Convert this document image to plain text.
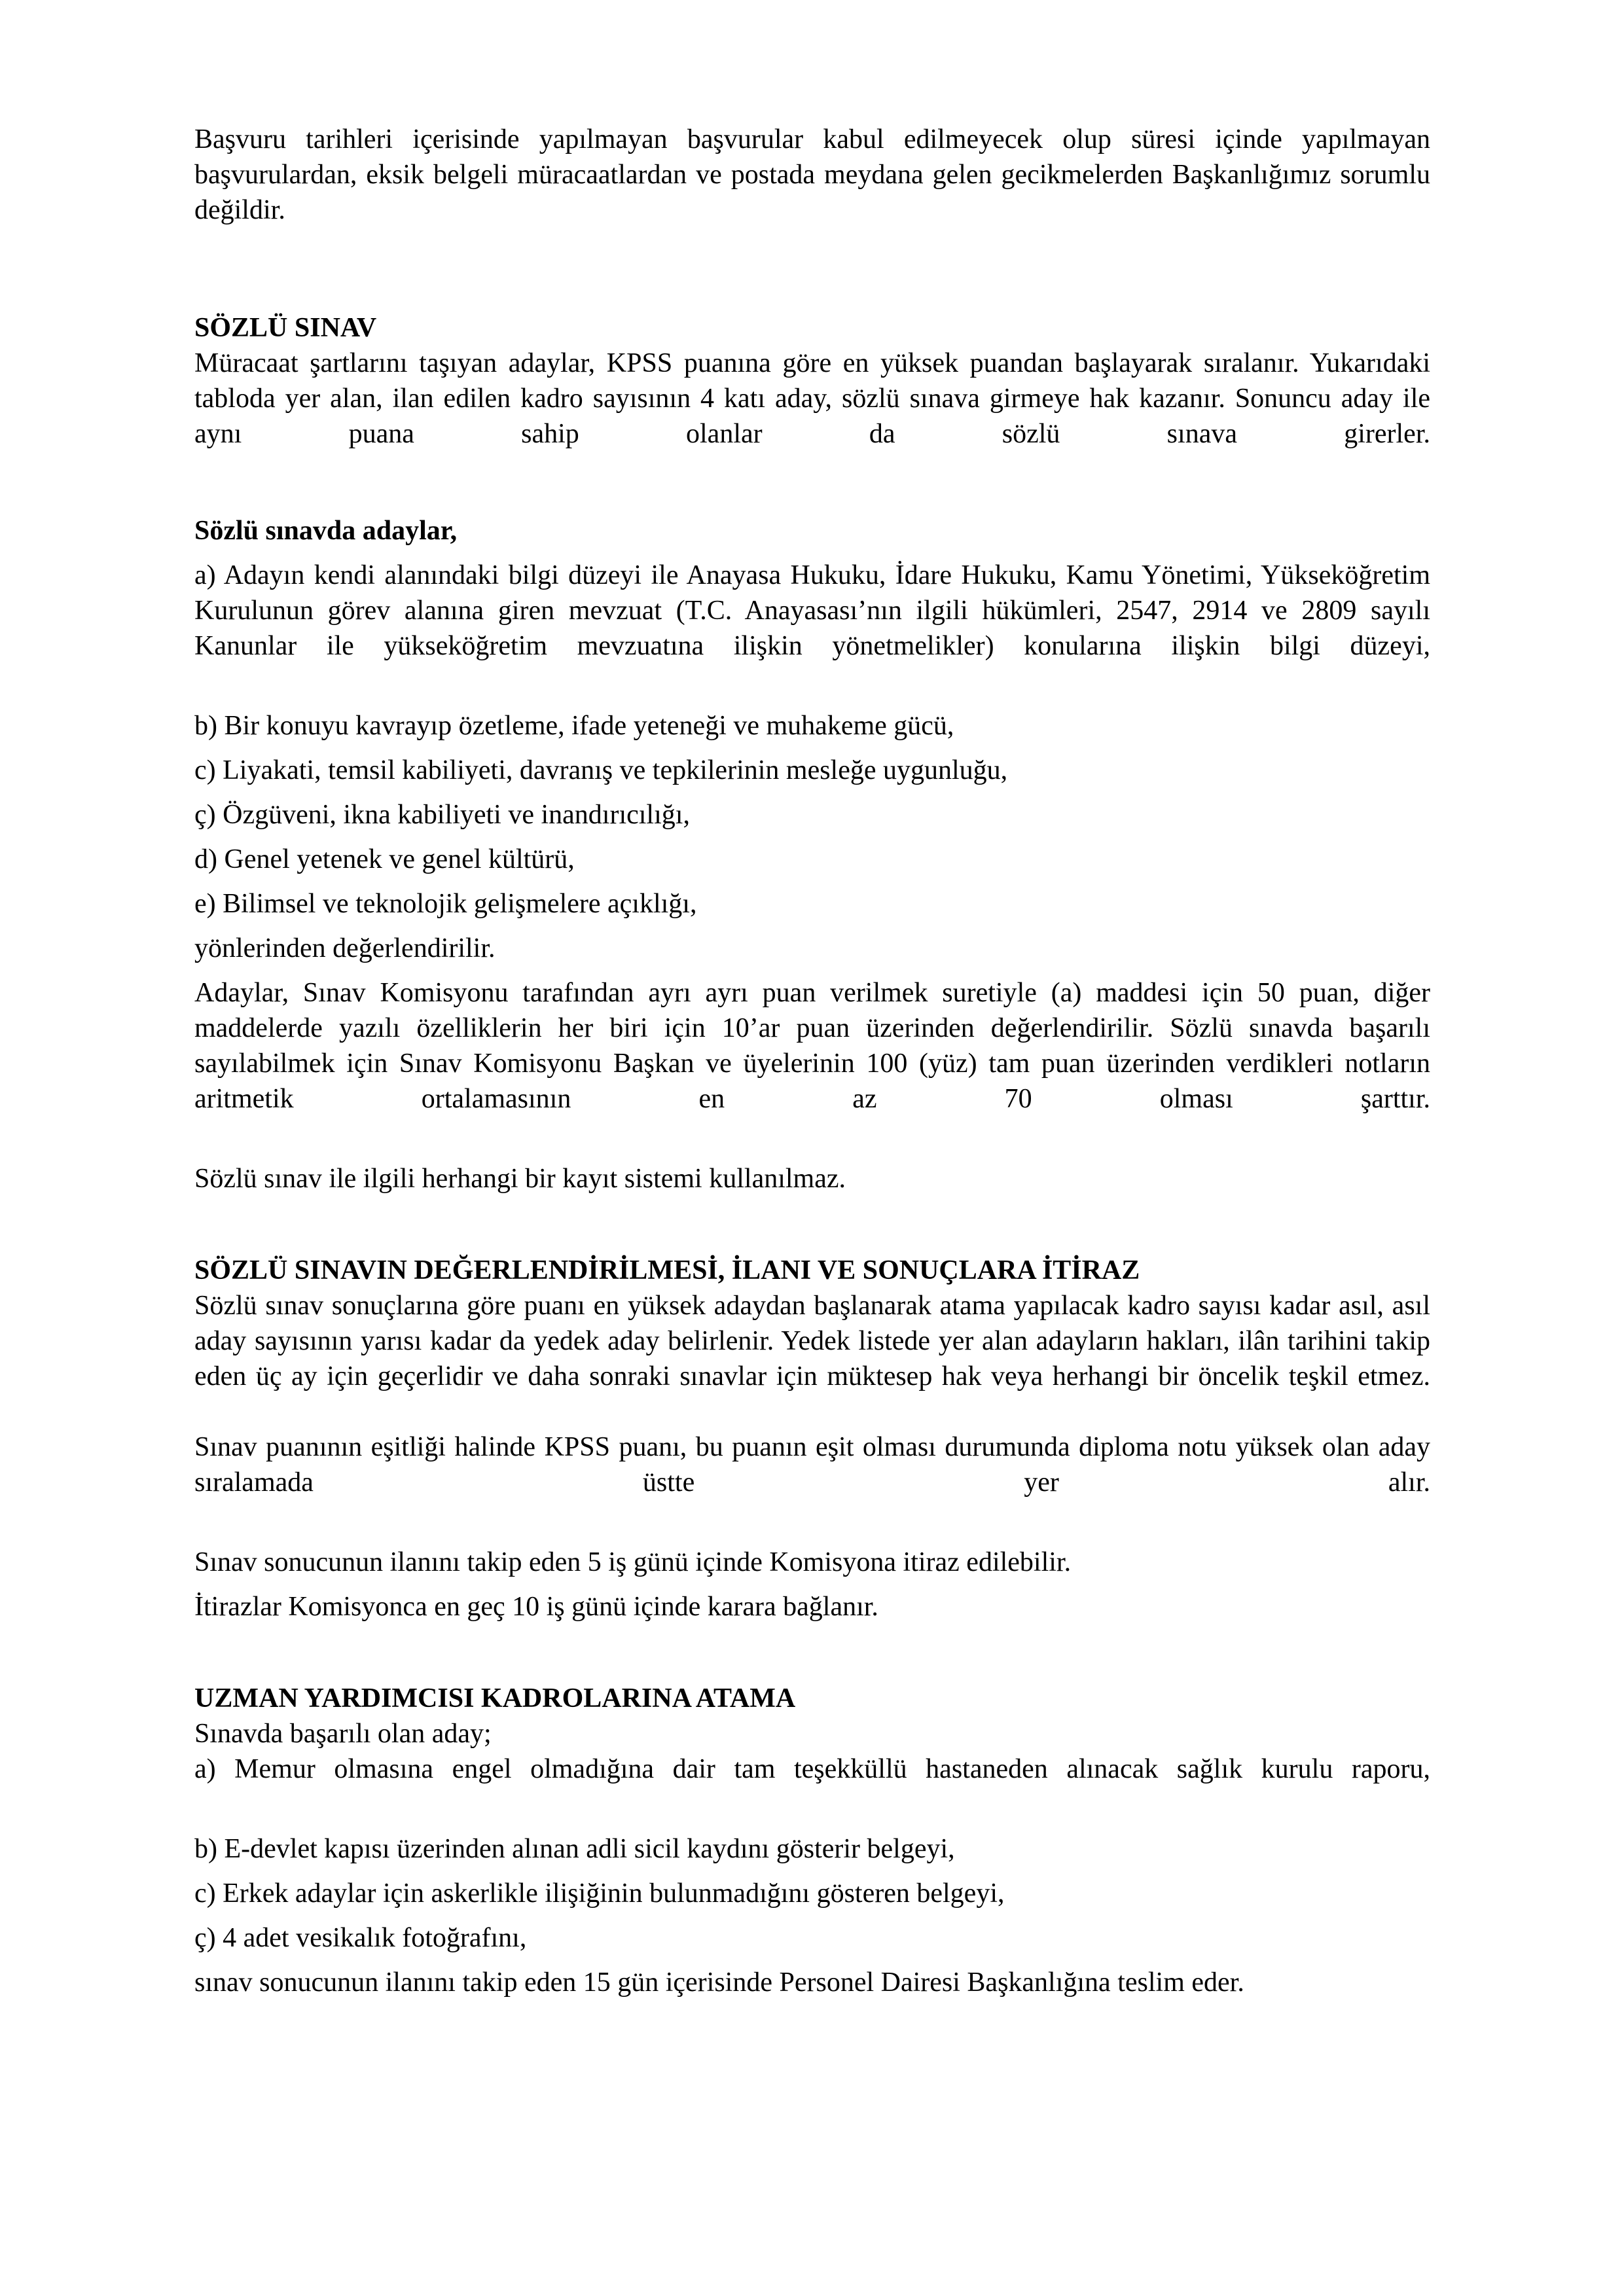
Başvuru tarihleri içerisinde yapılmayan başvurular kabul edilmeyecek olup süresi içinde yapılmayan başvurulardan, eksik belgeli müracaatlardan ve postada meydana gelen gecikmelerden Başkanlığımız sorumlu değildir.

SÖZLÜ SINAV

Müracaat şartlarını taşıyan adaylar, KPSS puanına göre en yüksek puandan başlayarak sıralanır. Yukarıdaki tabloda yer alan, ilan edilen kadro sayısının 4 katı aday, sözlü sınava girmeye hak kazanır. Sonuncu aday ile aynı puana sahip olanlar da sözlü sınava girerler.

Sözlü sınavda adaylar,

a) Adayın kendi alanındaki bilgi düzeyi ile Anayasa Hukuku, İdare Hukuku, Kamu Yönetimi, Yükseköğretim Kurulunun görev alanına giren mevzuat (T.C. Anayasası’nın ilgili hükümleri, 2547, 2914 ve 2809 sayılı Kanunlar ile yükseköğretim mevzuatına ilişkin yönetmelikler) konularına ilişkin bilgi düzeyi,

b) Bir konuyu kavrayıp özetleme, ifade yeteneği ve muhakeme gücü,

c) Liyakati, temsil kabiliyeti, davranış ve tepkilerinin mesleğe uygunluğu,

ç) Özgüveni, ikna kabiliyeti ve inandırıcılığı,

d) Genel yetenek ve genel kültürü,

e) Bilimsel ve teknolojik gelişmelere açıklığı,

yönlerinden değerlendirilir.

Adaylar, Sınav Komisyonu tarafından ayrı ayrı puan verilmek suretiyle (a) maddesi için 50 puan, diğer maddelerde yazılı özelliklerin her biri için 10’ar puan üzerinden değerlendirilir. Sözlü sınavda başarılı sayılabilmek için Sınav Komisyonu Başkan ve üyelerinin 100 (yüz) tam puan üzerinden verdikleri notların aritmetik ortalamasının en az 70 olması şarttır.

Sözlü sınav ile ilgili herhangi bir kayıt sistemi kullanılmaz.

SÖZLÜ SINAVIN DEĞERLENDİRİLMESİ, İLANI VE SONUÇLARA İTİRAZ

Sözlü sınav sonuçlarına göre puanı en yüksek adaydan başlanarak atama yapılacak kadro sayısı kadar asıl, asıl aday sayısının yarısı kadar da yedek aday belirlenir. Yedek listede yer alan adayların hakları, ilân tarihini takip eden üç ay için geçerlidir ve daha sonraki sınavlar için müktesep hak veya herhangi bir öncelik teşkil etmez.

Sınav puanının eşitliği halinde KPSS puanı, bu puanın eşit olması durumunda diploma notu yüksek olan aday sıralamada üstte yer alır.

Sınav sonucunun ilanını takip eden 5 iş günü içinde Komisyona itiraz edilebilir.

İtirazlar Komisyonca en geç 10 iş günü içinde karara bağlanır.

UZMAN YARDIMCISI KADROLARINA ATAMA

Sınavda başarılı olan aday;

a) Memur olmasına engel olmadığına dair tam teşekküllü hastaneden alınacak sağlık kurulu raporu,

b) E-devlet kapısı üzerinden alınan adli sicil kaydını gösterir belgeyi,

c) Erkek adaylar için askerlikle ilişiğinin bulunmadığını gösteren belgeyi,

ç) 4 adet vesikalık fotoğrafını,

sınav sonucunun ilanını takip eden 15 gün içerisinde Personel Dairesi Başkanlığına teslim eder.
